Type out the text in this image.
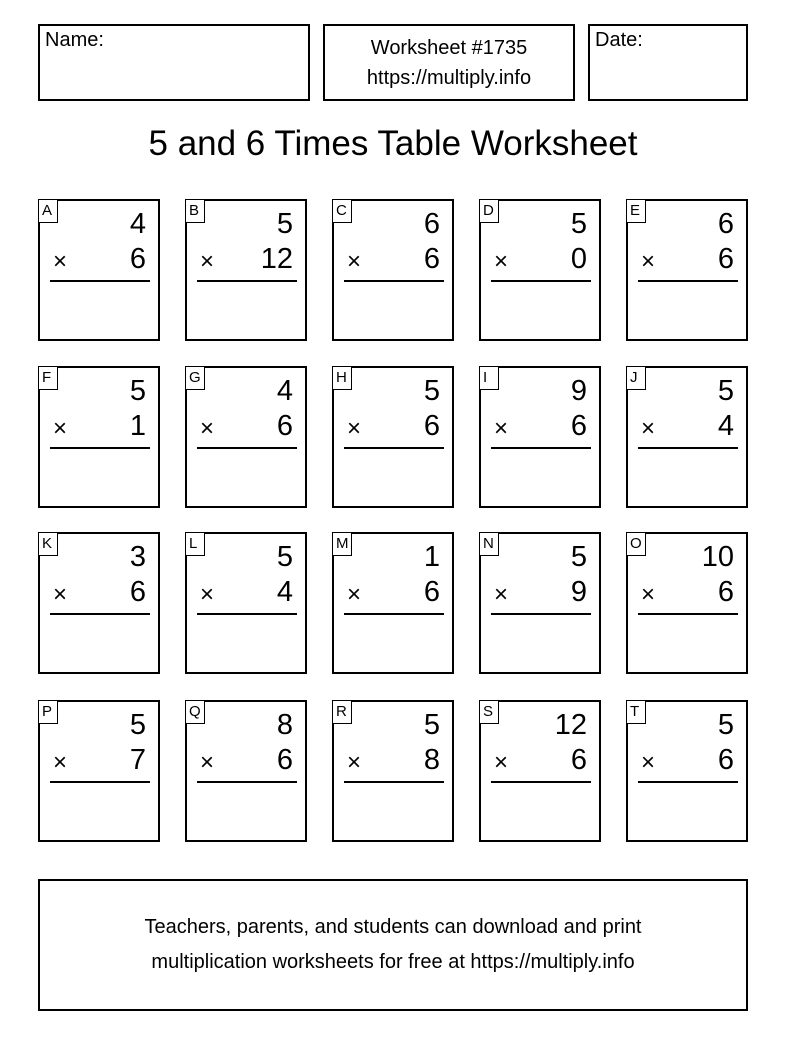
Name:	Worksheet #1735
https://multiply.info
Date:
5 and 6 Times Table Worksheet
A	4
× 6
B	5
× 12
C	6
× 6
D	5
× 0
E	6
× 6
F	5
× 1
G	4
× 6
H	5
× 6
I	9
× 6
J	5
× 4
K	3
× 6
L	5
× 4
M	1
× 6
N	5
× 9
O 10
× 6
P	5
× 7
Q	8
× 6
R	5
× 8
S 12
× 6
T	5
× 6
Teachers, parents, and students can download and print
multiplication worksheets for free at https://multiply.info
